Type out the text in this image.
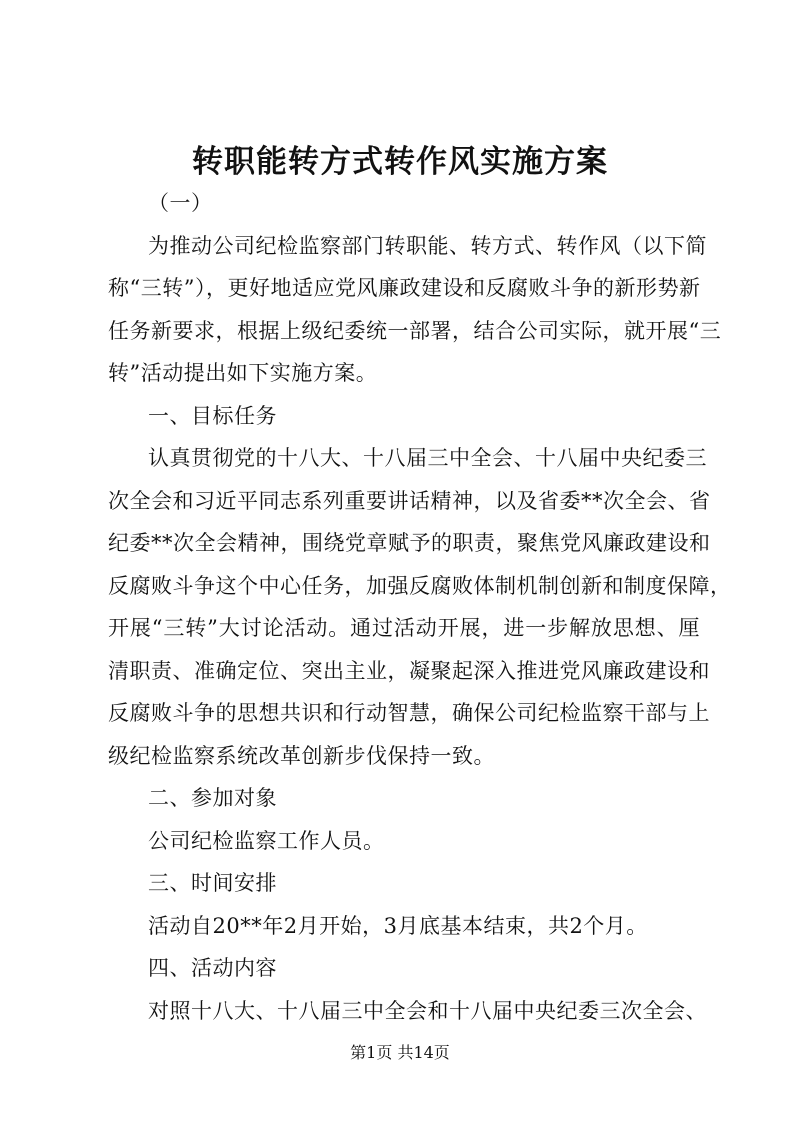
转职能转方式转作风实施方案
（一）
为推动公司纪检监察部门转职能、转方式、转作风（以下简
称“三转”），更好地适应党风廉政建设和反腐败斗争的新形势新
任务新要求，根据上级纪委统一部署，结合公司实际，就开展“三
转”活动提出如下实施方案。
一、目标任务
认真贯彻党的十八大、十八届三中全会、十八届中央纪委三
次全会和习近平同志系列重要讲话精神，以及省委**次全会、省
纪委**次全会精神，围绕党章赋予的职责，聚焦党风廉政建设和
反腐败斗争这个中心任务，加强反腐败体制机制创新和制度保障，
开展“三转”大讨论活动。通过活动开展，进一步解放思想、厘
清职责、准确定位、突出主业，凝聚起深入推进党风廉政建设和
反腐败斗争的思想共识和行动智慧，确保公司纪检监察干部与上
级纪检监察系统改革创新步伐保持一致。
二、参加对象
公司纪检监察工作人员。
三、时间安排
活动自20**年2月开始，3月底基本结束，共2个月。
四、活动内容
对照十八大、十八届三中全会和十八届中央纪委三次全会、
第1页 共14页
